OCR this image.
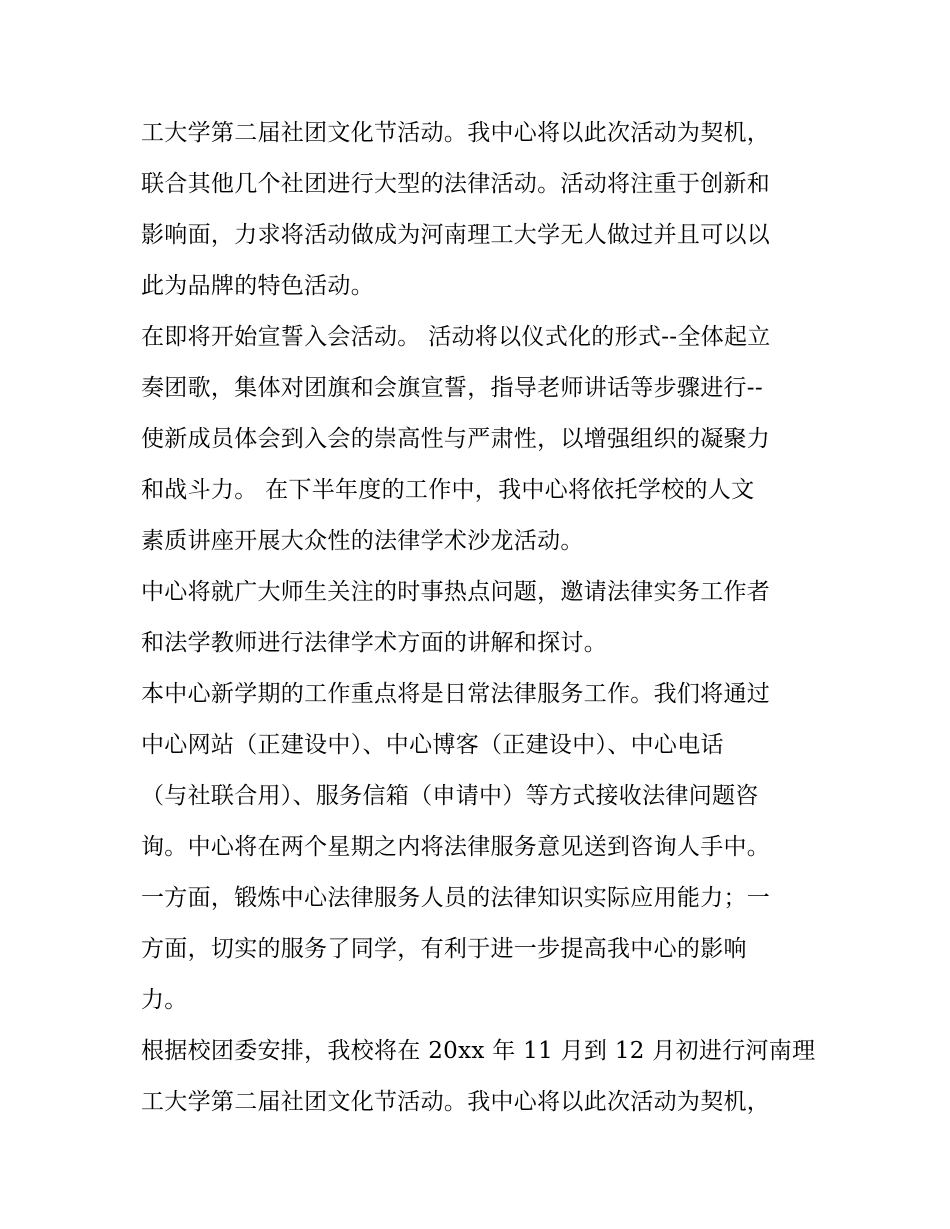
工大学第二届社团文化节活动。我中心将以此次活动为契机，
联合其他几个社团进行大型的法律活动。活动将注重于创新和
影响面，力求将活动做成为河南理工大学无人做过并且可以以
此为品牌的特色活动。
在即将开始宣誓入会活动。 活动将以仪式化的形式--全体起立
奏团歌，集体对团旗和会旗宣誓，指导老师讲话等步骤进行--
使新成员体会到入会的崇高性与严肃性，以增强组织的凝聚力
和战斗力。 在下半年度的工作中，我中心将依托学校的人文
素质讲座开展大众性的法律学术沙龙活动。
中心将就广大师生关注的时事热点问题，邀请法律实务工作者
和法学教师进行法律学术方面的讲解和探讨。
本中心新学期的工作重点将是日常法律服务工作。我们将通过
中心网站（正建设中）、中心博客（正建设中）、中心电话
（与社联合用）、服务信箱（申请中）等方式接收法律问题咨
询。中心将在两个星期之内将法律服务意见送到咨询人手中。
一方面，锻炼中心法律服务人员的法律知识实际应用能力；一
方面，切实的服务了同学，有利于进一步提高我中心的影响
力。
根据校团委安排，我校将在 20xx 年 11 月到 12 月初进行河南理
工大学第二届社团文化节活动。我中心将以此次活动为契机，
